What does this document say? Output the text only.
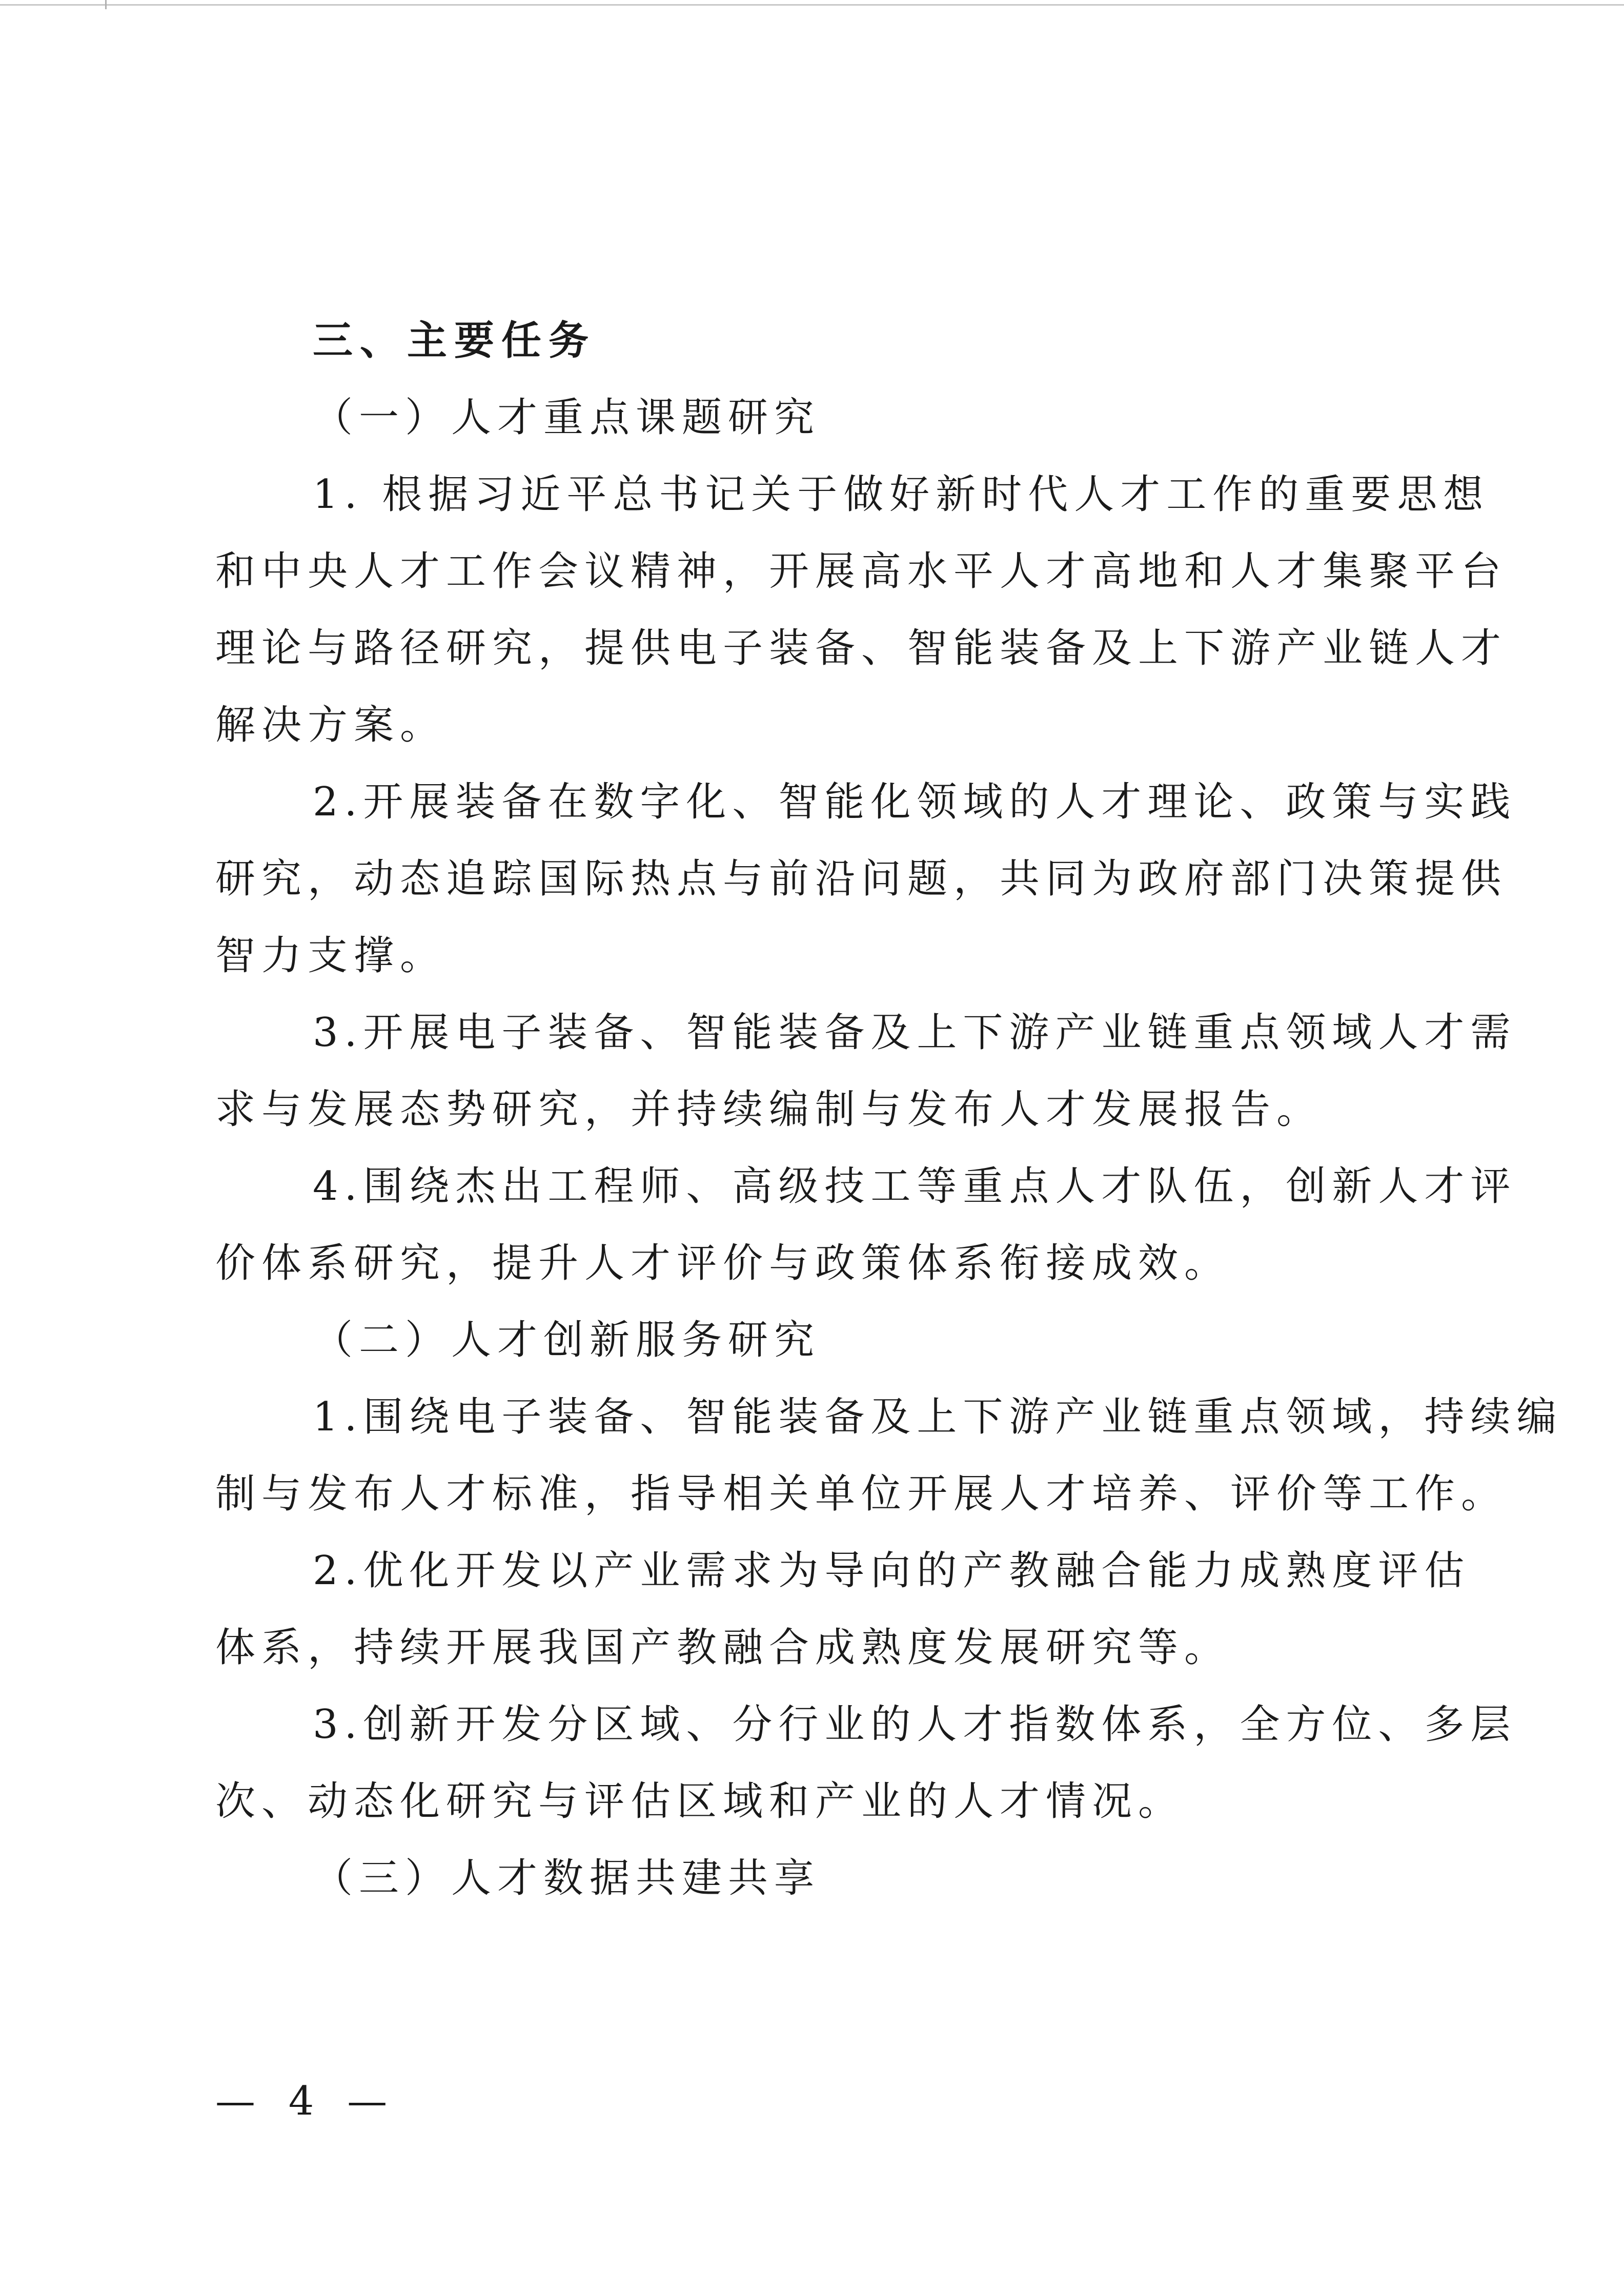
三、主要任务
（一）人才重点课题研究
1. 根据习近平总书记关于做好新时代人才工作的重要思想
和中央人才工作会议精神，开展高水平人才高地和人才集聚平台
理论与路径研究，提供电子装备、智能装备及上下游产业链人才
解决方案。
2.开展装备在数字化、智能化领域的人才理论、政策与实践
研究，动态追踪国际热点与前沿问题，共同为政府部门决策提供
智力支撑。
3.开展电子装备、智能装备及上下游产业链重点领域人才需
求与发展态势研究，并持续编制与发布人才发展报告。
4.围绕杰出工程师、高级技工等重点人才队伍，创新人才评
价体系研究，提升人才评价与政策体系衔接成效。
（二）人才创新服务研究
1.围绕电子装备、智能装备及上下游产业链重点领域，持续编
制与发布人才标准，指导相关单位开展人才培养、评价等工作。
2.优化开发以产业需求为导向的产教融合能力成熟度评估
体系，持续开展我国产教融合成熟度发展研究等。
3.创新开发分区域、分行业的人才指数体系，全方位、多层
次、动态化研究与评估区域和产业的人才情况。
（三）人才数据共建共享
— 4 —
